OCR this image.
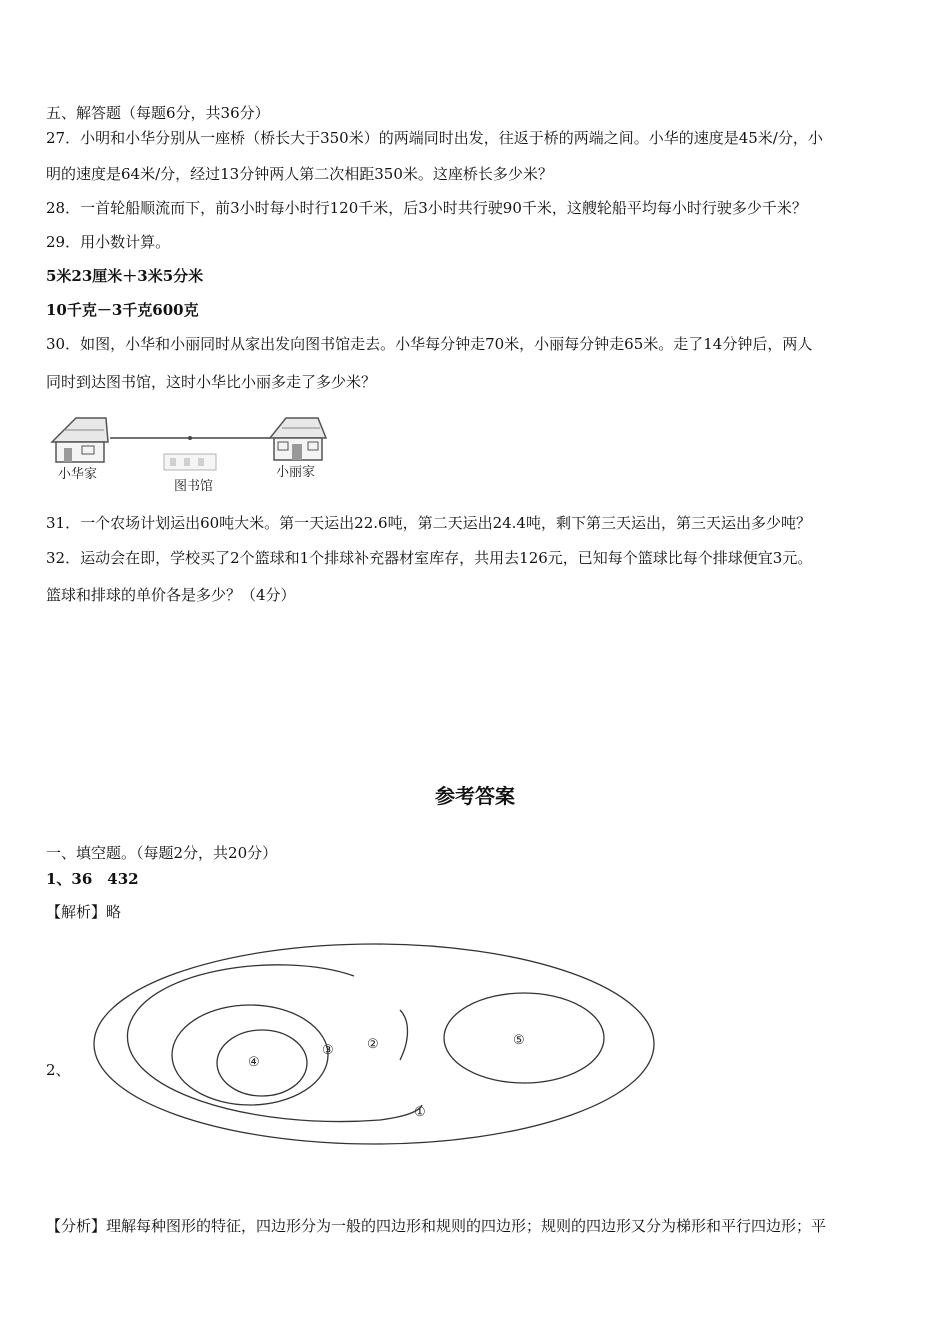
五、解答题（每题6分，共36分）
27．小明和小华分别从一座桥（桥长大于350米）的两端同时出发，往返于桥的两端之间。小华的速度是45米/分，小
明的速度是64米/分，经过13分钟两人第二次相距350米。这座桥长多少米？
28．一首轮船顺流而下，前3小时每小时行120千米，后3小时共行驶90千米，这艘轮船平均每小时行驶多少千米？
29．用小数计算。
5米23厘米＋3米5分米
10千克－3千克600克
30．如图，小华和小丽同时从家出发向图书馆走去。小华每分钟走70米，小丽每分钟走65米。走了14分钟后，两人
同时到达图书馆，这时小华比小丽多走了多少米？
小华家
图书馆
小丽家
31．一个农场计划运出60吨大米。第一天运出22.6吨，第二天运出24.4吨，剩下第三天运出，第三天运出多少吨？
32．运动会在即，学校买了2个篮球和1个排球补充器材室库存，共用去126元，已知每个篮球比每个排球便宜3元。
篮球和排球的单价各是多少？（4分）
参考答案
一、填空题。（每题2分，共20分）
1、36　432
【解析】略
2、	④
③	②	⑤
①
【分析】理解每种图形的特征，四边形分为一般的四边形和规则的四边形；规则的四边形又分为梯形和平行四边形；平
